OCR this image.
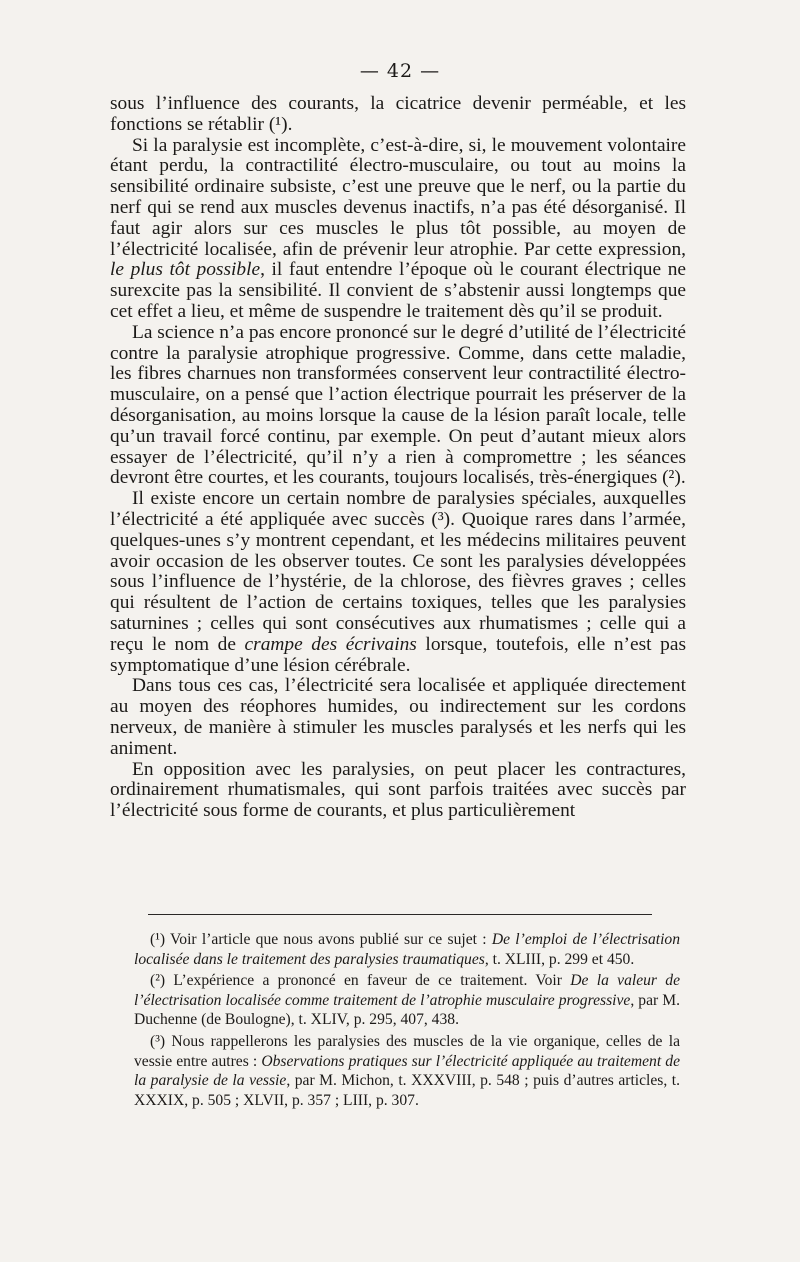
— 42 —

sous l’influence des courants, la cicatrice devenir perméable, et les fonctions se rétablir (¹).

Si la paralysie est incomplète, c’est-à-dire, si, le mouvement volontaire étant perdu, la contractilité électro-musculaire, ou tout au moins la sensibilité ordinaire subsiste, c’est une preuve que le nerf, ou la partie du nerf qui se rend aux muscles devenus inactifs, n’a pas été désorganisé. Il faut agir alors sur ces muscles le plus tôt possible, au moyen de l’électricité localisée, afin de prévenir leur atrophie. Par cette expression, le plus tôt possible, il faut entendre l’époque où le courant électrique ne surexcite pas la sensibilité. Il convient de s’abstenir aussi longtemps que cet effet a lieu, et même de suspendre le traitement dès qu’il se produit.

La science n’a pas encore prononcé sur le degré d’utilité de l’électricité contre la paralysie atrophique progressive. Comme, dans cette maladie, les fibres charnues non transformées conservent leur contractilité électro-musculaire, on a pensé que l’action électrique pourrait les préserver de la désorganisation, au moins lorsque la cause de la lésion paraît locale, telle qu’un travail forcé continu, par exemple. On peut d’autant mieux alors essayer de l’électricité, qu’il n’y a rien à compromettre ; les séances devront être courtes, et les courants, toujours localisés, très-énergiques (²).

Il existe encore un certain nombre de paralysies spéciales, auxquelles l’électricité a été appliquée avec succès (³). Quoique rares dans l’armée, quelques-unes s’y montrent cependant, et les médecins militaires peuvent avoir occasion de les observer toutes. Ce sont les paralysies développées sous l’influence de l’hystérie, de la chlorose, des fièvres graves ; celles qui résultent de l’action de certains toxiques, telles que les paralysies saturnines ; celles qui sont consécutives aux rhumatismes ; celle qui a reçu le nom de crampe des écrivains lorsque, toutefois, elle n’est pas symptomatique d’une lésion cérébrale.

Dans tous ces cas, l’électricité sera localisée et appliquée directement au moyen des réophores humides, ou indirectement sur les cordons nerveux, de manière à stimuler les muscles paralysés et les nerfs qui les animent.

En opposition avec les paralysies, on peut placer les contractures, ordinairement rhumatismales, qui sont parfois traitées avec succès par l’électricité sous forme de courants, et plus particulièrement

(¹) Voir l’article que nous avons publié sur ce sujet : De l’emploi de l’électrisation localisée dans le traitement des paralysies traumatiques, t. XLIII, p. 299 et 450.

(²) L’expérience a prononcé en faveur de ce traitement. Voir De la valeur de l’électrisation localisée comme traitement de l’atrophie musculaire progressive, par M. Duchenne (de Boulogne), t. XLIV, p. 295, 407, 438.

(³) Nous rappellerons les paralysies des muscles de la vie organique, celles de la vessie entre autres : Observations pratiques sur l’électricité appliquée au traitement de la paralysie de la vessie, par M. Michon, t. XXXVIII, p. 548 ; puis d’autres articles, t. XXXIX, p. 505 ; XLVII, p. 357 ; LIII, p. 307.
